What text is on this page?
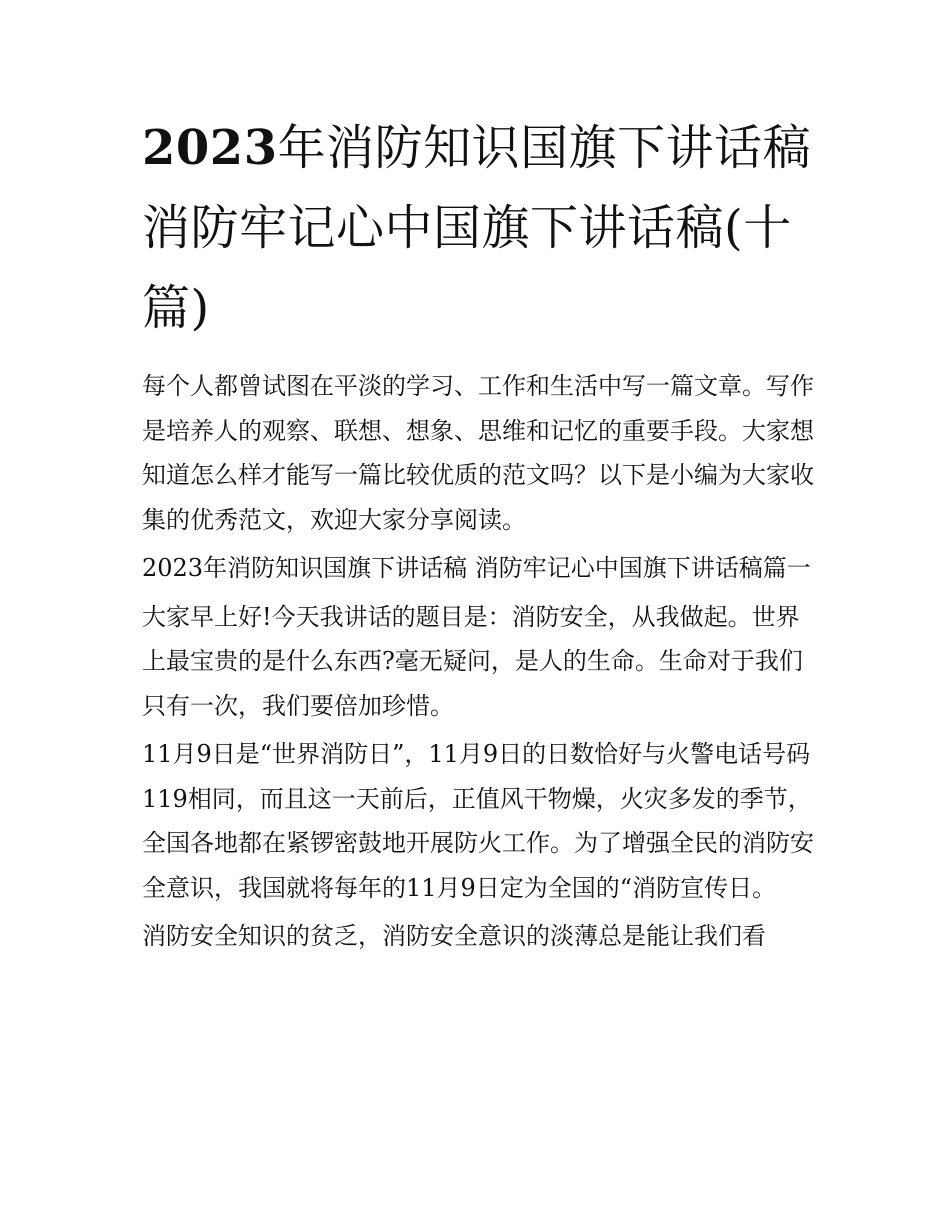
2023年消防知识国旗下讲话稿 消防牢记心中国旗下讲话稿(十篇)

每个人都曾试图在平淡的学习、工作和生活中写一篇文章。写作是培养人的观察、联想、想象、思维和记忆的重要手段。大家想知道怎么样才能写一篇比较优质的范文吗？以下是小编为大家收集的优秀范文，欢迎大家分享阅读。

2023年消防知识国旗下讲话稿 消防牢记心中国旗下讲话稿篇一

大家早上好!今天我讲话的题目是：消防安全，从我做起。世界上最宝贵的是什么东西?毫无疑问，是人的生命。生命对于我们只有一次，我们要倍加珍惜。

11月9日是“世界消防日”，11月9日的日数恰好与火警电话号码119相同，而且这一天前后，正值风干物燥，火灾多发的季节，全国各地都在紧锣密鼓地开展防火工作。为了增强全民的消防安全意识，我国就将每年的11月9日定为全国的“消防宣传日。

消防安全知识的贫乏，消防安全意识的淡薄总是能让我们看
